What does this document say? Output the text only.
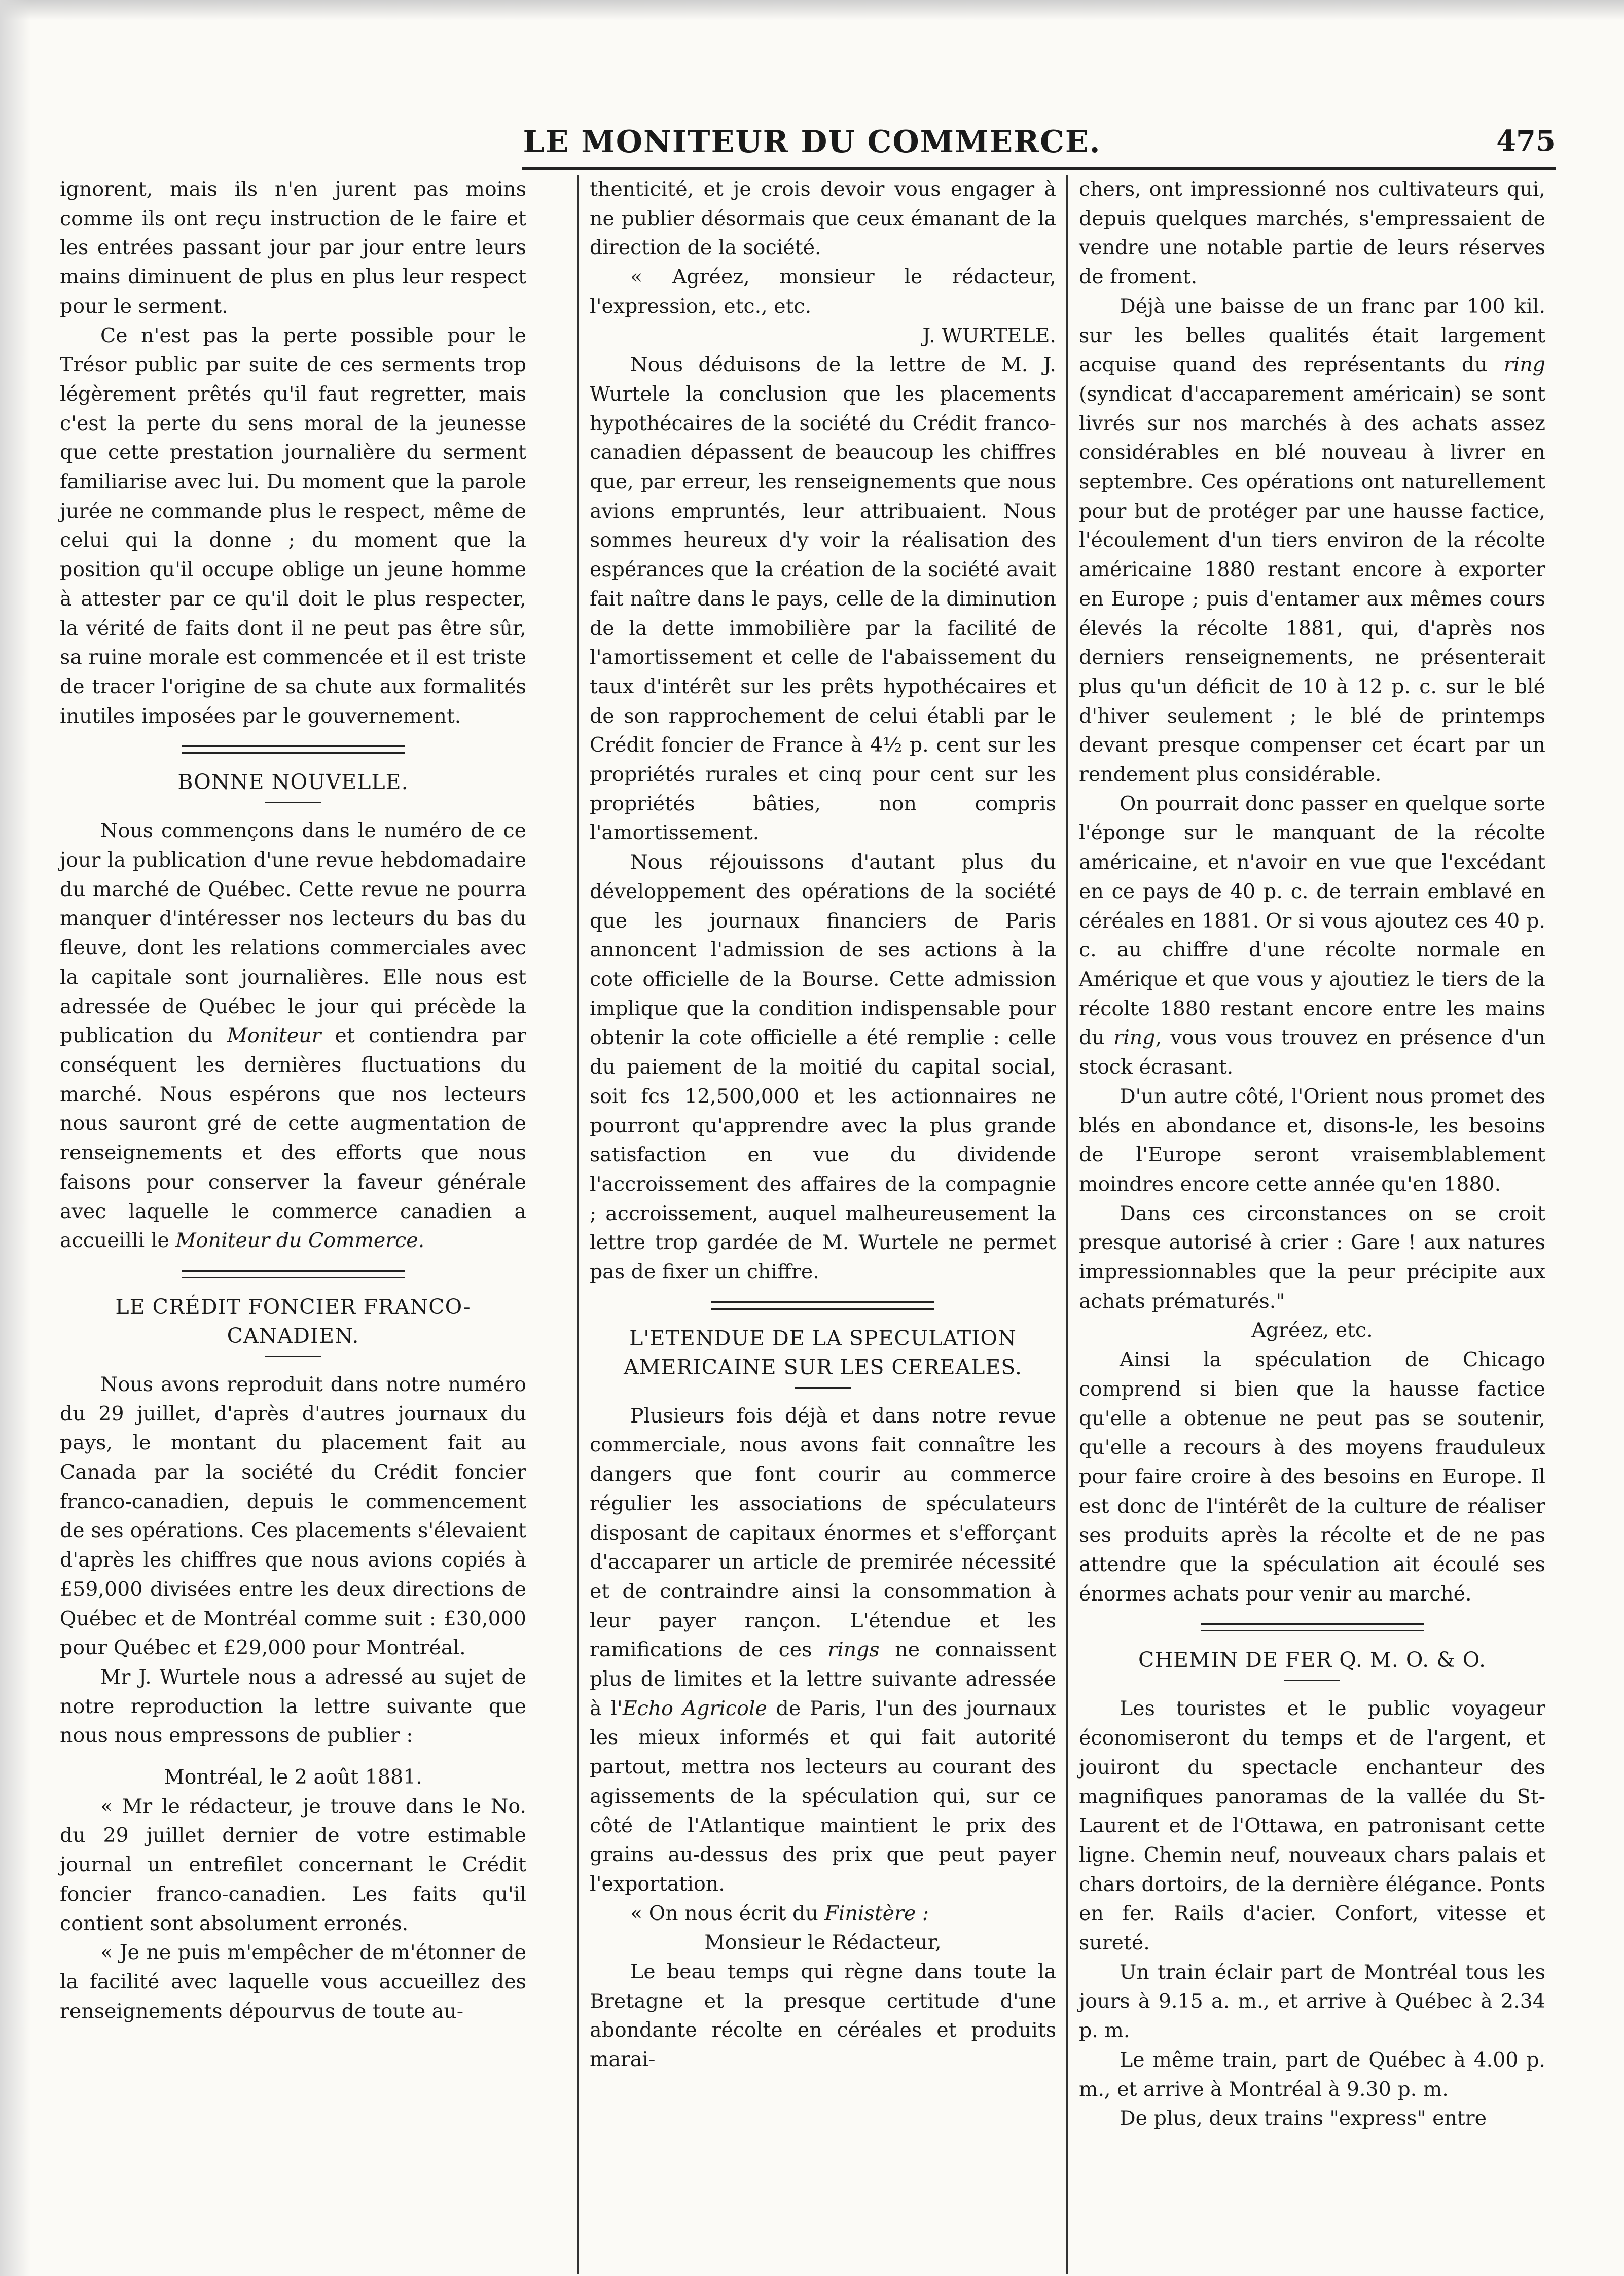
LE MONITEUR DU COMMERCE.	475

ignorent, mais ils n'en jurent pas moins comme ils ont reçu instruction de le faire et les entrées passant jour par jour entre leurs mains diminuent de plus en plus leur respect pour le serment.

Ce n'est pas la perte possible pour le Trésor public par suite de ces serments trop légèrement prêtés qu'il faut regretter, mais c'est la perte du sens moral de la jeunesse que cette prestation journalière du serment familiarise avec lui. Du moment que la parole jurée ne commande plus le respect, même de celui qui la donne ; du moment que la position qu'il occupe oblige un jeune homme à attester par ce qu'il doit le plus respecter, la vérité de faits dont il ne peut pas être sûr, sa ruine morale est commencée et il est triste de tracer l'origine de sa chute aux formalités inutiles imposées par le gouvernement.

BONNE NOUVELLE.

Nous commençons dans le numéro de ce jour la publication d'une revue hebdomadaire du marché de Québec. Cette revue ne pourra manquer d'intéresser nos lecteurs du bas du fleuve, dont les relations commerciales avec la capitale sont journalières. Elle nous est adressée de Québec le jour qui précède la publication du Moniteur et contiendra par conséquent les dernières fluctuations du marché. Nous espérons que nos lecteurs nous sauront gré de cette augmentation de renseignements et des efforts que nous faisons pour conserver la faveur générale avec laquelle le commerce canadien a accueilli le Moniteur du Commerce.

LE CRÉDIT FONCIER FRANCO-CANADIEN.

Nous avons reproduit dans notre numéro du 29 juillet, d'après d'autres journaux du pays, le montant du placement fait au Canada par la société du Crédit foncier franco-canadien, depuis le commencement de ses opérations. Ces placements s'élevaient d'après les chiffres que nous avions copiés à £59,000 divisées entre les deux directions de Québec et de Montréal comme suit : £30,000 pour Québec et £29,000 pour Montréal.

Mr J. Wurtele nous a adressé au sujet de notre reproduction la lettre suivante que nous nous empressons de publier :

Montréal, le 2 août 1881.

« Mr le rédacteur, je trouve dans le No. du 29 juillet dernier de votre estimable journal un entrefilet concernant le Crédit foncier franco-canadien. Les faits qu'il contient sont absolument erronés.

« Je ne puis m'empêcher de m'étonner de la facilité avec laquelle vous accueillez des renseignements dépourvus de toute au-

thenticité, et je crois devoir vous engager à ne publier désormais que ceux émanant de la direction de la société.

« Agréez, monsieur le rédacteur, l'expression, etc., etc.

J. WURTELE.

Nous déduisons de la lettre de M. J. Wurtele la conclusion que les placements hypothécaires de la société du Crédit franco-canadien dépassent de beaucoup les chiffres que, par erreur, les renseignements que nous avions empruntés, leur attribuaient. Nous sommes heureux d'y voir la réalisation des espérances que la création de la société avait fait naître dans le pays, celle de la diminution de la dette immobilière par la facilité de l'amortissement et celle de l'abaissement du taux d'intérêt sur les prêts hypothécaires et de son rapprochement de celui établi par le Crédit foncier de France à 4½ p. cent sur les propriétés rurales et cinq pour cent sur les propriétés bâties, non compris l'amortissement.

Nous réjouissons d'autant plus du développement des opérations de la société que les journaux financiers de Paris annoncent l'admission de ses actions à la cote officielle de la Bourse. Cette admission implique que la condition indispensable pour obtenir la cote officielle a été remplie : celle du paiement de la moitié du capital social, soit fcs 12,500,000 et les actionnaires ne pourront qu'apprendre avec la plus grande satisfaction en vue du dividende l'accroissement des affaires de la compagnie ; accroissement, auquel malheureusement la lettre trop gardée de M. Wurtele ne permet pas de fixer un chiffre.

L'ETENDUE DE LA SPECULATION AMERICAINE SUR LES CEREALES.

Plusieurs fois déjà et dans notre revue commerciale, nous avons fait connaître les dangers que font courir au commerce régulier les associations de spéculateurs disposant de capitaux énormes et s'efforçant d'accaparer un article de premirée nécessité et de contraindre ainsi la consommation à leur payer rançon. L'étendue et les ramifications de ces rings ne connaissent plus de limites et la lettre suivante adressée à l'Echo Agricole de Paris, l'un des journaux les mieux informés et qui fait autorité partout, mettra nos lecteurs au courant des agissements de la spéculation qui, sur ce côté de l'Atlantique maintient le prix des grains au-dessus des prix que peut payer l'exportation.

« On nous écrit du Finistère :

Monsieur le Rédacteur,

Le beau temps qui règne dans toute la Bretagne et la presque certitude d'une abondante récolte en céréales et produits marai-

chers, ont impressionné nos cultivateurs qui, depuis quelques marchés, s'empressaient de vendre une notable partie de leurs réserves de froment.

Déjà une baisse de un franc par 100 kil. sur les belles qualités était largement acquise quand des représentants du ring (syndicat d'accaparement américain) se sont livrés sur nos marchés à des achats assez considérables en blé nouveau à livrer en septembre. Ces opérations ont naturellement pour but de protéger par une hausse factice, l'écoulement d'un tiers environ de la récolte américaine 1880 restant encore à exporter en Europe ; puis d'entamer aux mêmes cours élevés la récolte 1881, qui, d'après nos derniers renseignements, ne présenterait plus qu'un déficit de 10 à 12 p. c. sur le blé d'hiver seulement ; le blé de printemps devant presque compenser cet écart par un rendement plus considérable.

On pourrait donc passer en quelque sorte l'éponge sur le manquant de la récolte américaine, et n'avoir en vue que l'excédant en ce pays de 40 p. c. de terrain emblavé en céréales en 1881. Or si vous ajoutez ces 40 p. c. au chiffre d'une récolte normale en Amérique et que vous y ajoutiez le tiers de la récolte 1880 restant encore entre les mains du ring, vous vous trouvez en présence d'un stock écrasant.

D'un autre côté, l'Orient nous promet des blés en abondance et, disons-le, les besoins de l'Europe seront vraisemblablement moindres encore cette année qu'en 1880.

Dans ces circonstances on se croit presque autorisé à crier : Gare ! aux natures impressionnables que la peur précipite aux achats prématurés."

Agréez, etc.

Ainsi la spéculation de Chicago comprend si bien que la hausse factice qu'elle a obtenue ne peut pas se soutenir, qu'elle a recours à des moyens frauduleux pour faire croire à des besoins en Europe. Il est donc de l'intérêt de la culture de réaliser ses produits après la récolte et de ne pas attendre que la spéculation ait écoulé ses énormes achats pour venir au marché.

CHEMIN DE FER Q. M. O. & O.

Les touristes et le public voyageur économiseront du temps et de l'argent, et jouiront du spectacle enchanteur des magnifiques panoramas de la vallée du St-Laurent et de l'Ottawa, en patronisant cette ligne. Chemin neuf, nouveaux chars palais et chars dortoirs, de la dernière élégance. Ponts en fer. Rails d'acier. Confort, vitesse et sureté.

Un train éclair part de Montréal tous les jours à 9.15 a. m., et arrive à Québec à 2.34 p. m.

Le même train, part de Québec à 4.00 p. m., et arrive à Montréal à 9.30 p. m.

De plus, deux trains "express" entre
